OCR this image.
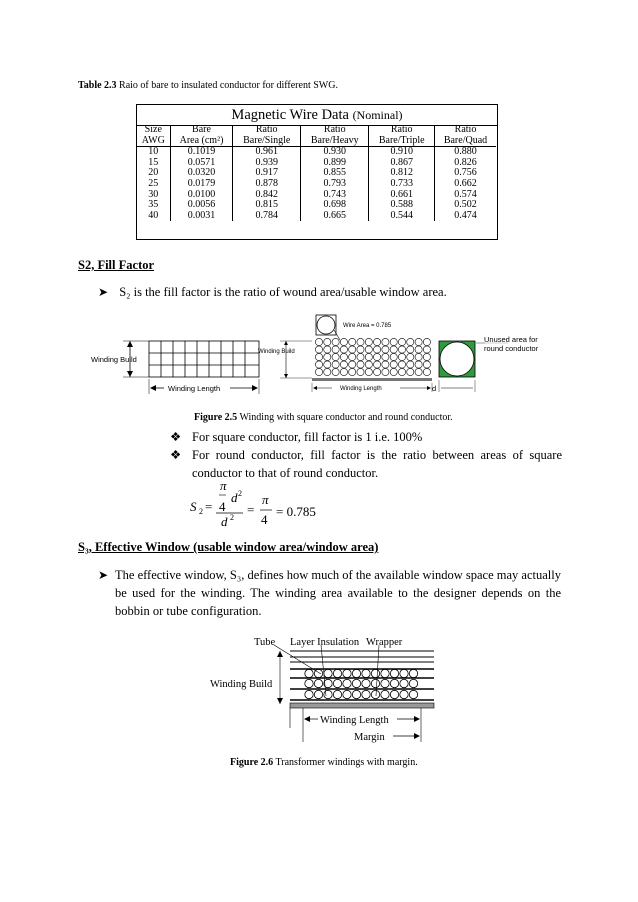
Table 2.3 Raio of bare to insulated conductor for different SWG.
Magnetic Wire Data (Nominal)
Size	Bare	Ratio	Ratio	Ratio	Ratio
AWG	Area (cm²)	Bare/Single	Bare/Heavy	Bare/Triple	Bare/Quad
10	0.1019	0.961	0.930	0.910	0.880
15	0.0571	0.939	0.899	0.867	0.826
20	0.0320	0.917	0.855	0.812	0.756
25	0.0179	0.878	0.793	0.733	0.662
30	0.0100	0.842	0.743	0.661	0.574
35	0.0056	0.815	0.698	0.588	0.502
40	0.0031	0.784	0.665	0.544	0.474
S2, Fill Factor
➤ S₂ is the fill factor is the ratio of wound area/usable window area.
Winding Build
Winding Length
Wire Area = 0.785
Winding Build
Winding Length	d
Unused area for round conductor
Figure 2.5 Winding with square conductor and round conductor.
❖ For square conductor, fill factor is 1 i.e. 100%
❖ For round conductor, fill factor is the ratio between areas of square conductor to that of round conductor.
π
d
S
d
π
2
2
2
= 4 =
4
= 0.785
S₃, Effective Window (usable window area/window area)
➤ The effective window, S₃, defines how much of the available window space may actually be used for the winding. The winding area available to the designer depends on the bobbin or tube configuration.
Tube Layer Insulation Wrapper
Winding Build
Winding Length
Margin
Figure 2.6 Transformer windings with margin.
